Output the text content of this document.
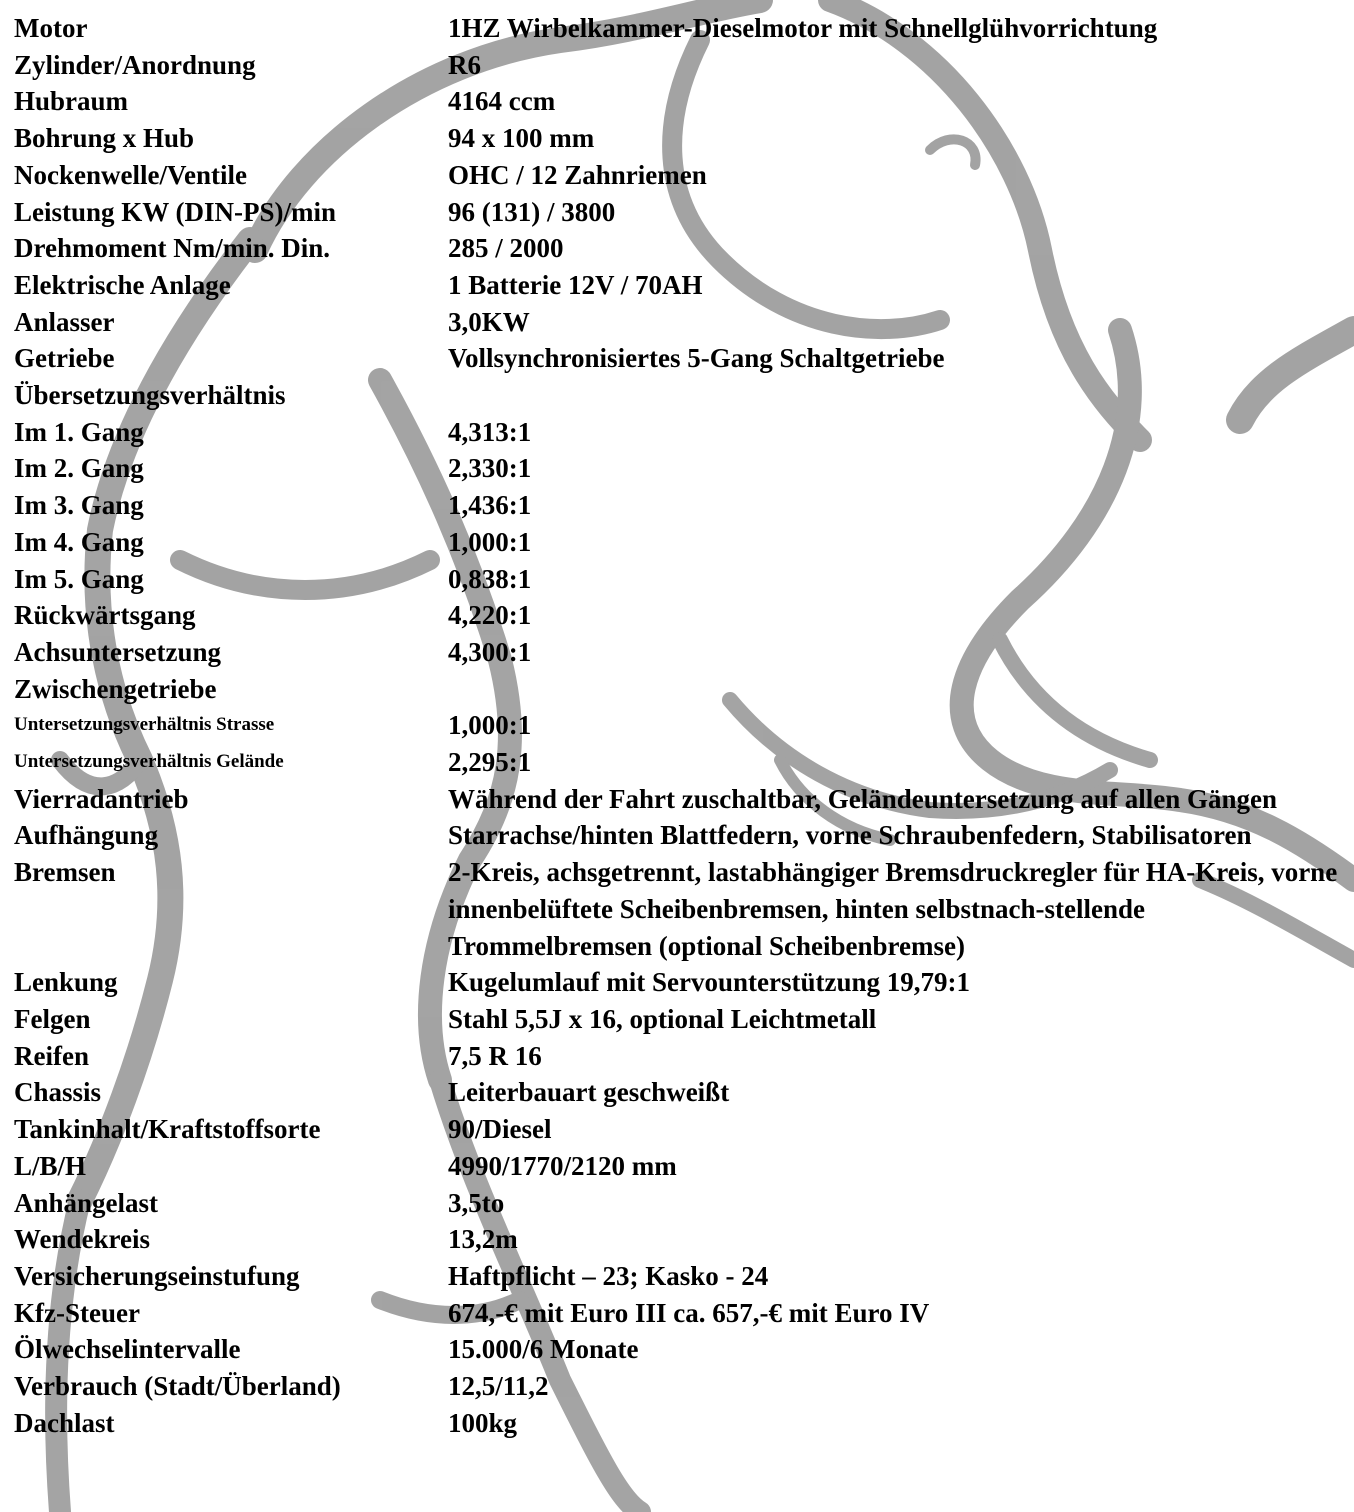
Motor	1HZ Wirbelkammer-Dieselmotor mit Schnellglühvorrichtung
Zylinder/Anordnung	R6
Hubraum	4164 ccm
Bohrung x Hub	94 x 100 mm
Nockenwelle/Ventile	OHC / 12 Zahnriemen
Leistung KW (DIN-PS)/min	96 (131) / 3800
Drehmoment Nm/min. Din.	285 / 2000
Elektrische Anlage	1 Batterie 12V / 70AH
Anlasser	3,0KW
Getriebe	Vollsynchronisiertes 5-Gang Schaltgetriebe
Übersetzungsverhältnis
Im 1. Gang	4,313:1
Im 2. Gang	2,330:1
Im 3. Gang	1,436:1
Im 4. Gang	1,000:1
Im 5. Gang	0,838:1
Rückwärtsgang	4,220:1
Achsuntersetzung	4,300:1
Zwischengetriebe
Untersetzungsverhältnis Strasse	1,000:1
Untersetzungsverhältnis Gelände	2,295:1
Vierradantrieb	Während der Fahrt zuschaltbar, Geländeuntersetzung auf allen Gängen
Aufhängung	Starrachse/hinten Blattfedern, vorne Schraubenfedern, Stabilisatoren
Bremsen	2-Kreis, achsgetrennt, lastabhängiger Bremsdruckregler für HA-Kreis, vorne innenbelüftete Scheibenbremsen, hinten selbstnach-stellende Trommelbremsen (optional Scheibenbremse)
Lenkung	Kugelumlauf mit Servounterstützung 19,79:1
Felgen	Stahl 5,5J x 16, optional Leichtmetall
Reifen	7,5 R 16
Chassis	Leiterbauart geschweißt
Tankinhalt/Kraftstoffsorte	90/Diesel
L/B/H	4990/1770/2120 mm
Anhängelast	3,5to
Wendekreis	13,2m
Versicherungseinstufung	Haftpflicht – 23; Kasko - 24
Kfz-Steuer	674,-€ mit Euro III ca. 657,-€ mit Euro IV
Ölwechselintervalle	15.000/6 Monate
Verbrauch (Stadt/Überland)	12,5/11,2
Dachlast	100kg
